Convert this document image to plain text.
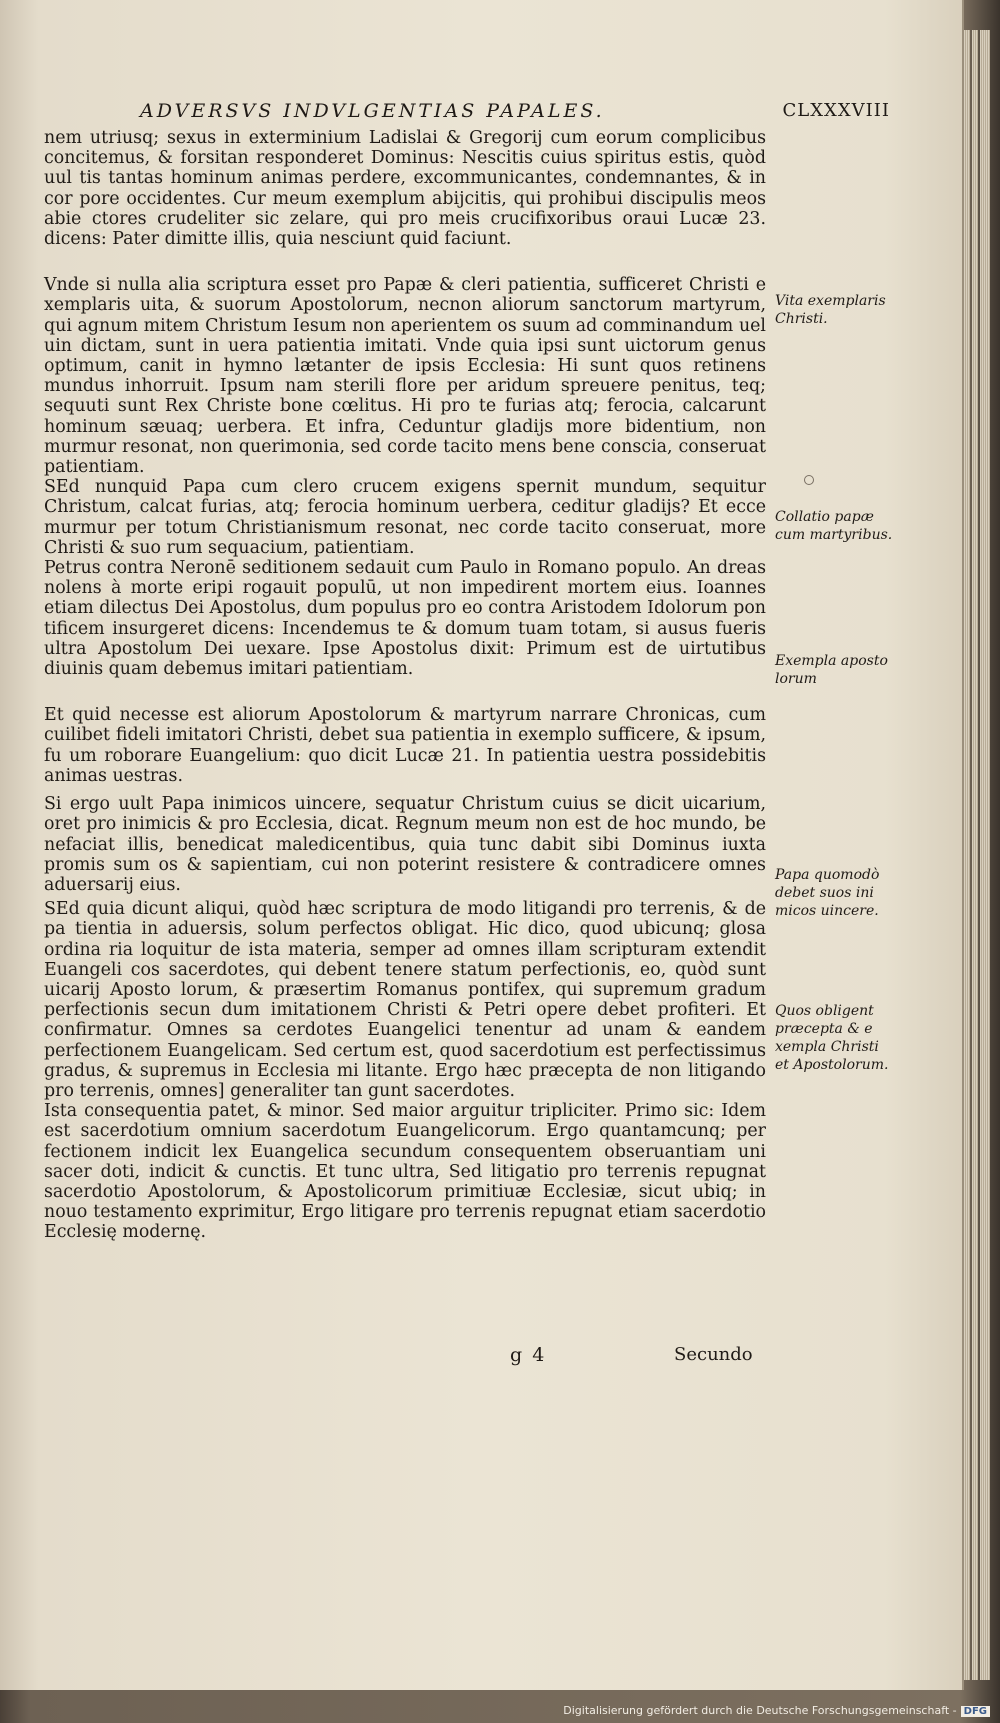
ADVERSVS INDVLGENTIAS PAPALES.	CLXXXVIII

nem utriusq; sexus in exterminium Ladislai & Gregorij cum eorum complicibus concitemus, & forsitan responderet Dominus: Nescitis cuius spiritus estis, quòd uul tis tantas hominum animas perdere, excommunicantes, condemnantes, & in cor pore occidentes. Cur meum exemplum abijcitis, qui prohibui discipulis meos abie ctores crudeliter sic zelare, qui pro meis crucifixoribus oraui Lucæ 23. dicens: Pater dimitte illis, quia nesciunt quid faciunt.

Vnde si nulla alia scriptura esset pro Papæ & cleri patientia, sufficeret Christi e xemplaris uita, & suorum Apostolorum, necnon aliorum sanctorum martyrum, qui agnum mitem Christum Iesum non aperientem os suum ad comminandum uel uin dictam, sunt in uera patientia imitati. Vnde quia ipsi sunt uictorum genus optimum, canit in hymno lætanter de ipsis Ecclesia: Hi sunt quos retinens mundus inhorruit. Ipsum nam sterili flore per aridum spreuere penitus, teq; sequuti sunt Rex Christe bone cœlitus. Hi pro te furias atq; ferocia, calcarunt hominum sæuaq; uerbera. Et infra, Ceduntur gladijs more bidentium, non murmur resonat, non querimonia, sed corde tacito mens bene conscia, conseruat patientiam.

SEd nunquid Papa cum clero crucem exigens spernit mundum, sequitur Christum, calcat furias, atq; ferocia hominum uerbera, ceditur gladijs? Et ecce murmur per totum Christianismum resonat, nec corde tacito conseruat, more Christi & suo rum sequacium, patientiam.

Petrus contra Neronē seditionem sedauit cum Paulo in Romano populo. An dreas nolens à morte eripi rogauit populū, ut non impedirent mortem eius. Ioannes etiam dilectus Dei Apostolus, dum populus pro eo contra Aristodem Idolorum pon tificem insurgeret dicens: Incendemus te & domum tuam totam, si ausus fueris ultra Apostolum Dei uexare. Ipse Apostolus dixit: Primum est de uirtutibus diuinis quam debemus imitari patientiam.

Et quid necesse est aliorum Apostolorum & martyrum narrare Chronicas, cum cuilibet fideli imitatori Christi, debet sua patientia in exemplo sufficere, & ipsum, fu um roborare Euangelium: quo dicit Lucæ 21. In patientia uestra possidebitis animas uestras.

Si ergo uult Papa inimicos uincere, sequatur Christum cuius se dicit uicarium, oret pro inimicis & pro Ecclesia, dicat. Regnum meum non est de hoc mundo, be nefaciat illis, benedicat maledicentibus, quia tunc dabit sibi Dominus iuxta promis sum os & sapientiam, cui non poterint resistere & contradicere omnes aduersarij eius.

SEd quia dicunt aliqui, quòd hæc scriptura de modo litigandi pro terrenis, & de pa tientia in aduersis, solum perfectos obligat. Hic dico, quod ubicunq; glosa ordina ria loquitur de ista materia, semper ad omnes illam scripturam extendit Euangeli cos sacerdotes, qui debent tenere statum perfectionis, eo, quòd sunt uicarij Aposto lorum, & præsertim Romanus pontifex, qui supremum gradum perfectionis secun dum imitationem Christi & Petri opere debet profiteri. Et confirmatur. Omnes sa cerdotes Euangelici tenentur ad unam & eandem perfectionem Euangelicam. Sed certum est, quod sacerdotium est perfectissimus gradus, & supremus in Ecclesia mi litante. Ergo hæc præcepta de non litigando pro terrenis, omnes] generaliter tan gunt sacerdotes.

Ista consequentia patet, & minor. Sed maior arguitur tripliciter. Primo sic: Idem est sacerdotium omnium sacerdotum Euangelicorum. Ergo quantamcunq; per fectionem indicit lex Euangelica secundum consequentem obseruantiam uni sacer doti, indicit & cunctis. Et tunc ultra, Sed litigatio pro terrenis repugnat sacerdotio Apostolorum, & Apostolicorum primitiuæ Ecclesiæ, sicut ubiq; in nouo testamento exprimitur, Ergo litigare pro terrenis repugnat etiam sacerdotio Ecclesię modernę.

Vita exemplaris Christi.
Collatio papæ cum martyribus.
Exempla aposto lorum
Papa quomodò debet suos ini micos uincere.
Quos obligent præcepta & e xempla Christi et Apostolorum.
g 4	Secundo
Digitalisierung gefördert durch die Deutsche Forschungsgemeinschaft - DFG
